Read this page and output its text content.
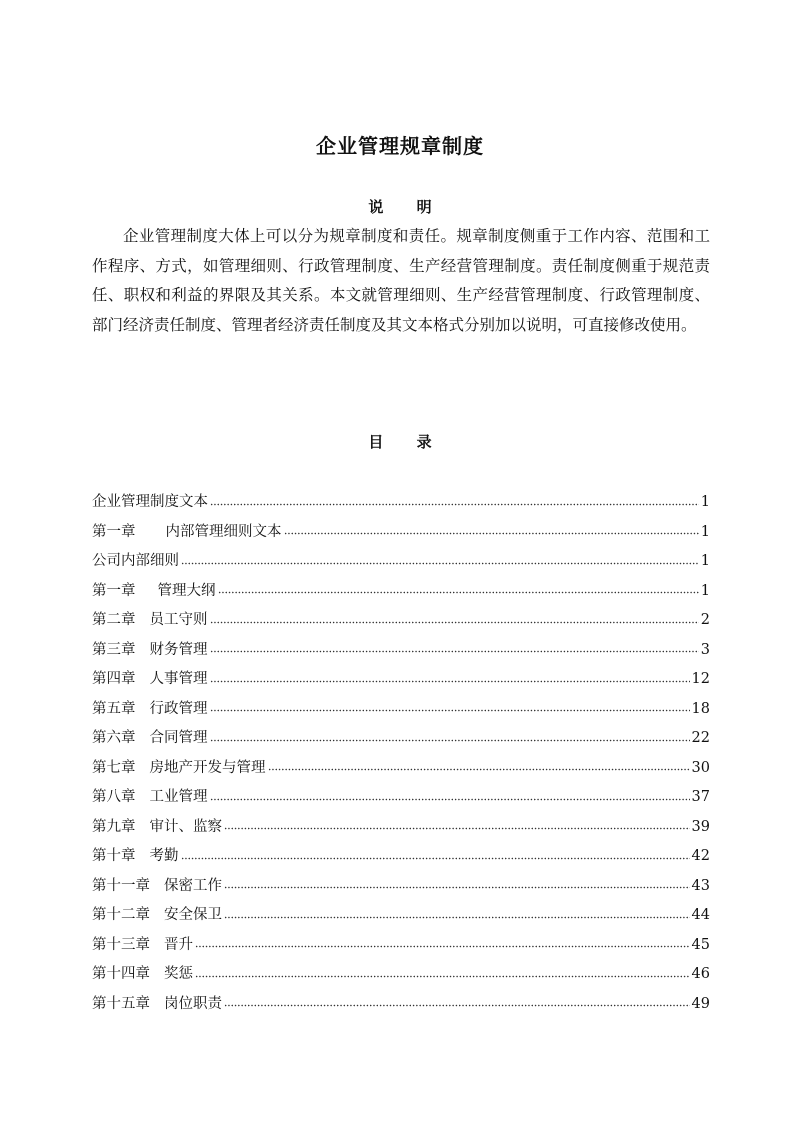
企业管理规章制度
说 明

企业管理制度大体上可以分为规章制度和责任。规章制度侧重于工作内容、范围和工作程序、方式，如管理细则、行政管理制度、生产经营管理制度。责任制度侧重于规范责任、职权和利益的界限及其关系。本文就管理细则、生产经营管理制度、行政管理制度、部门经济责任制度、管理者经济责任制度及其文本格式分别加以说明，可直接修改使用。

目 录
企业管理制度文本	1
第一章 内部管理细则文本	1
公司内部细则	1
第一章 管理大纲	1
第二章 员工守则	2
第三章 财务管理	3
第四章 人事管理	12
第五章 行政管理	18
第六章 合同管理	22
第七章 房地产开发与管理	30
第八章 工业管理	37
第九章 审计、监察	39
第十章 考勤	42
第十一章 保密工作	43
第十二章 安全保卫	44
第十三章 晋升	45
第十四章 奖惩	46
第十五章 岗位职责	49
